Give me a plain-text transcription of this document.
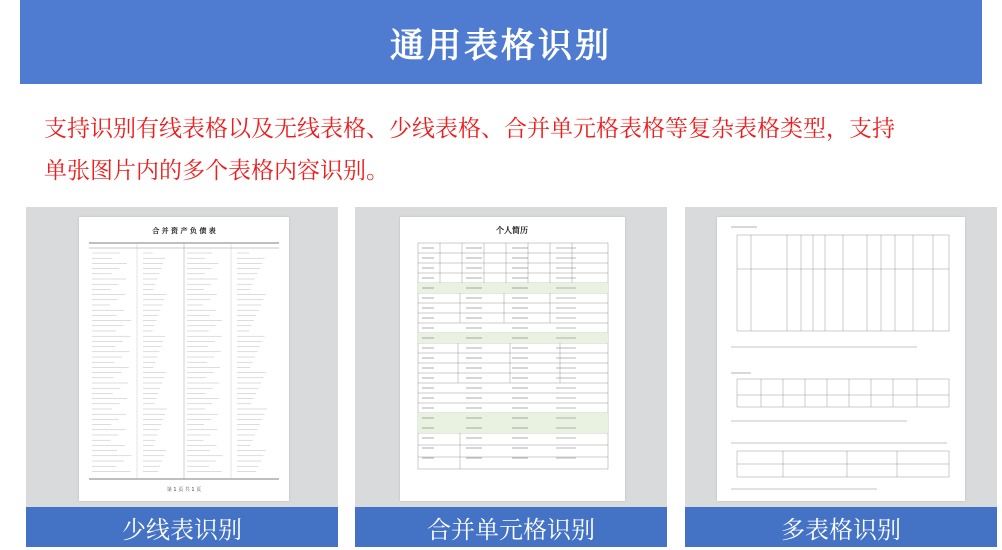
通用表格识别
支持识别有线表格以及无线表格、少线表格、合并单元格表格等复杂表格类型，支持
单张图片内的多个表格内容识别。
合 并 资 产 负 债 表
第 1 页 共 1 页
少线表识别
个人简历
合并单元格识别	多表格识别
